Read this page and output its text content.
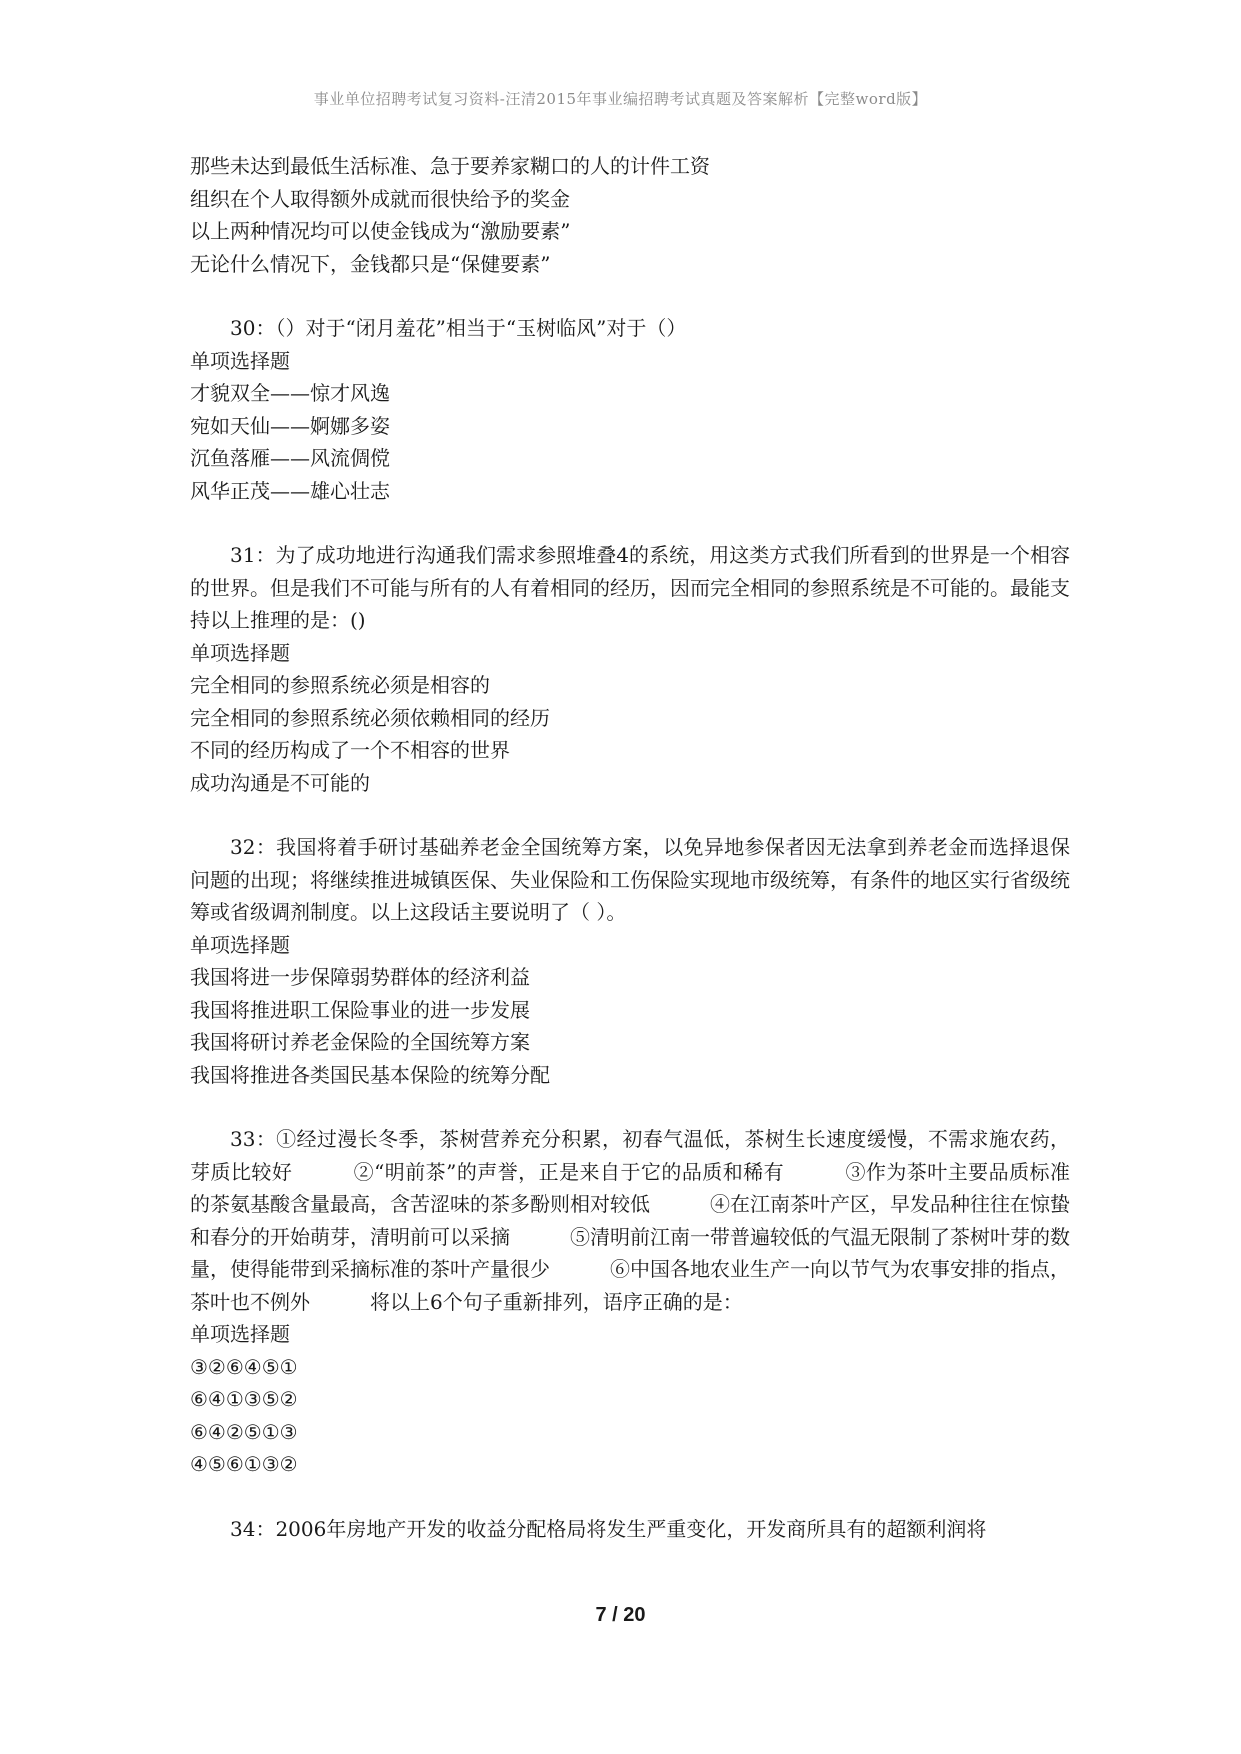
事业单位招聘考试复习资料-汪清2015年事业编招聘考试真题及答案解析【完整word版】

那些未达到最低生活标准、急于要养家糊口的人的计件工资

组织在个人取得额外成就而很快给予的奖金

以上两种情况均可以使金钱成为“激励要素”

无论什么情况下，金钱都只是“保健要素”

30：（）对于“闭月羞花”相当于“玉树临风”对于（）

单项选择题

才貌双全——惊才风逸

宛如天仙——婀娜多姿

沉鱼落雁——风流倜傥

风华正茂——雄心壮志

31：为了成功地进行沟通我们需求参照堆叠4的系统，用这类方式我们所看到的世界是一个相容的世界。但是我们不可能与所有的人有着相同的经历，因而完全相同的参照系统是不可能的。最能支持以上推理的是：()

单项选择题

完全相同的参照系统必须是相容的

完全相同的参照系统必须依赖相同的经历

不同的经历构成了一个不相容的世界

成功沟通是不可能的

32：我国将着手研讨基础养老金全国统筹方案，以免异地参保者因无法拿到养老金而选择退保问题的出现；将继续推进城镇医保、失业保险和工伤保险实现地市级统筹，有条件的地区实行省级统筹或省级调剂制度。以上这段话主要说明了（ ）。

单项选择题

我国将进一步保障弱势群体的经济利益

我国将推进职工保险事业的进一步发展

我国将研讨养老金保险的全国统筹方案

我国将推进各类国民基本保险的统筹分配

33：①经过漫长冬季，茶树营养充分积累，初春气温低，茶树生长速度缓慢，不需求施农药，芽质比较好　　　②“明前茶”的声誉，正是来自于它的品质和稀有　　　③作为茶叶主要品质标准的茶氨基酸含量最高，含苦涩味的茶多酚则相对较低　　　④在江南茶叶产区，早发品种往往在惊蛰和春分的开始萌芽，清明前可以采摘　　　⑤清明前江南一带普遍较低的气温无限制了茶树叶芽的数量，使得能带到采摘标准的茶叶产量很少　　　⑥中国各地农业生产一向以节气为农事安排的指点，茶叶也不例外　　　将以上6个句子重新排列，语序正确的是：

单项选择题

③②⑥④⑤①

⑥④①③⑤②

⑥④②⑤①③

④⑤⑥①③②

34：2006年房地产开发的收益分配格局将发生严重变化，开发商所具有的超额利润将

7 / 20
